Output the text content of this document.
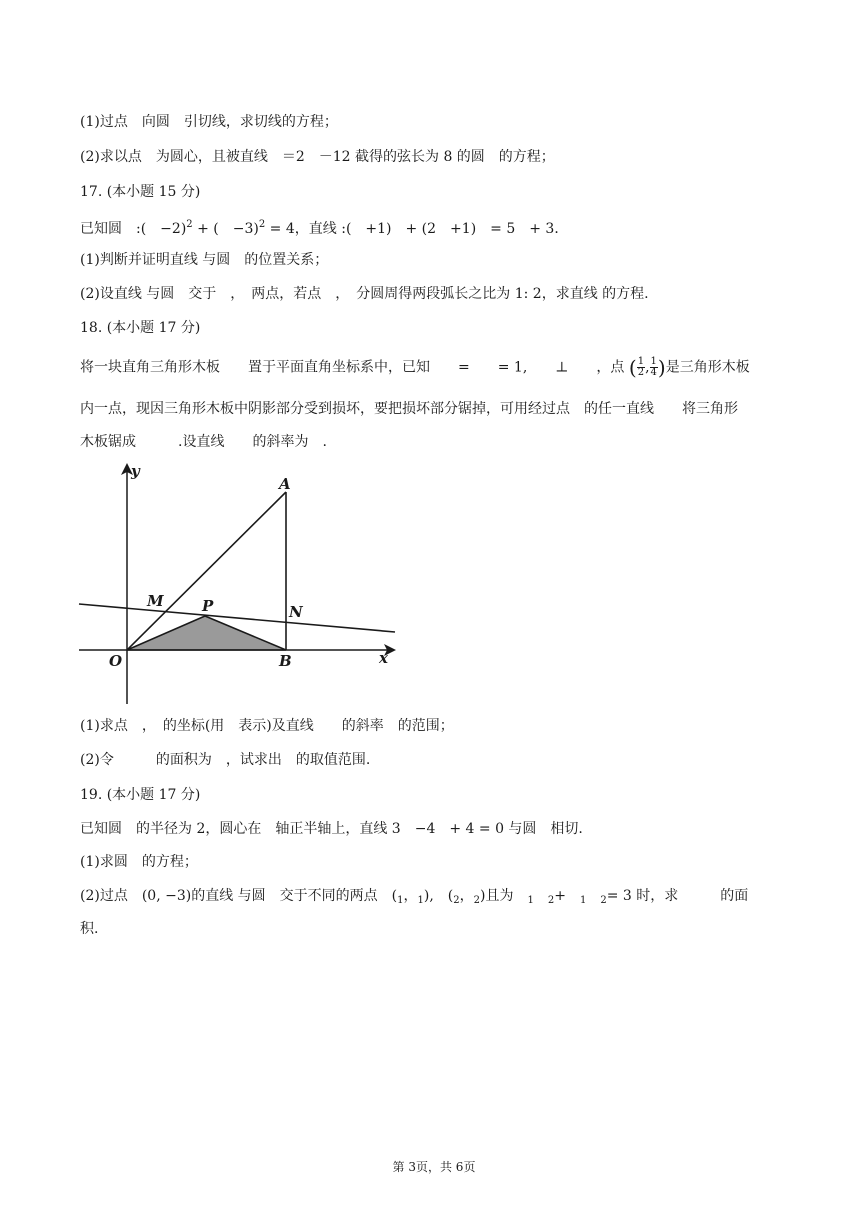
(1)过点　向圆　引切线，求切线的方程；
(2)求以点　为圆心，且被直线　＝2　－12 截得的弦长为 8 的圆　的方程；
17. (本小题 15 分)
已知圆　:(　−2)$^2$ + (　−3)$^2$ = 4，直线 :(　+1)　+ (2　+1)　= 5　+ 3．
(1)判断并证明直线 与圆　的位置关系；
(2)设直线 与圆　交于　，　两点，若点　，　分圆周得两段弧长之比为 1: 2，求直线 的方程.
18. (本小题 17 分)
将一块直角三角形木板　　置于平面直角坐标系中，已知　　=　　= 1,　　⊥　　，点 ( $\frac{1}{2}$ , $\frac{1}{4}$ )是三角形木板
内一点，现因三角形木板中阴影部分受到损坏，要把损坏部分锯掉，可用经过点　的任一直线　　将三角形
木板锯成　　　.设直线　　的斜率为　.
y
x
A
M	P	N
O	B
(1)求点　，　的坐标(用　表示)及直线　　的斜率　的范围；
(2)令　　　的面积为　，试求出　的取值范围.
19. (本小题 17 分)
已知圆　的半径为 2，圆心在　轴正半轴上，直线 3　−4　+ 4 = 0 与圆　相切.
(1)求圆　的方程；
(2)过点　(0, −3)的直线 与圆　交于不同的两点　($_1$，$_1$),　($_2$，$_2$)且为　 $_1$　 $_2$+　 $_1$　 $_2$= 3 时，求　　　的面
积.
第 3页，共 6页
